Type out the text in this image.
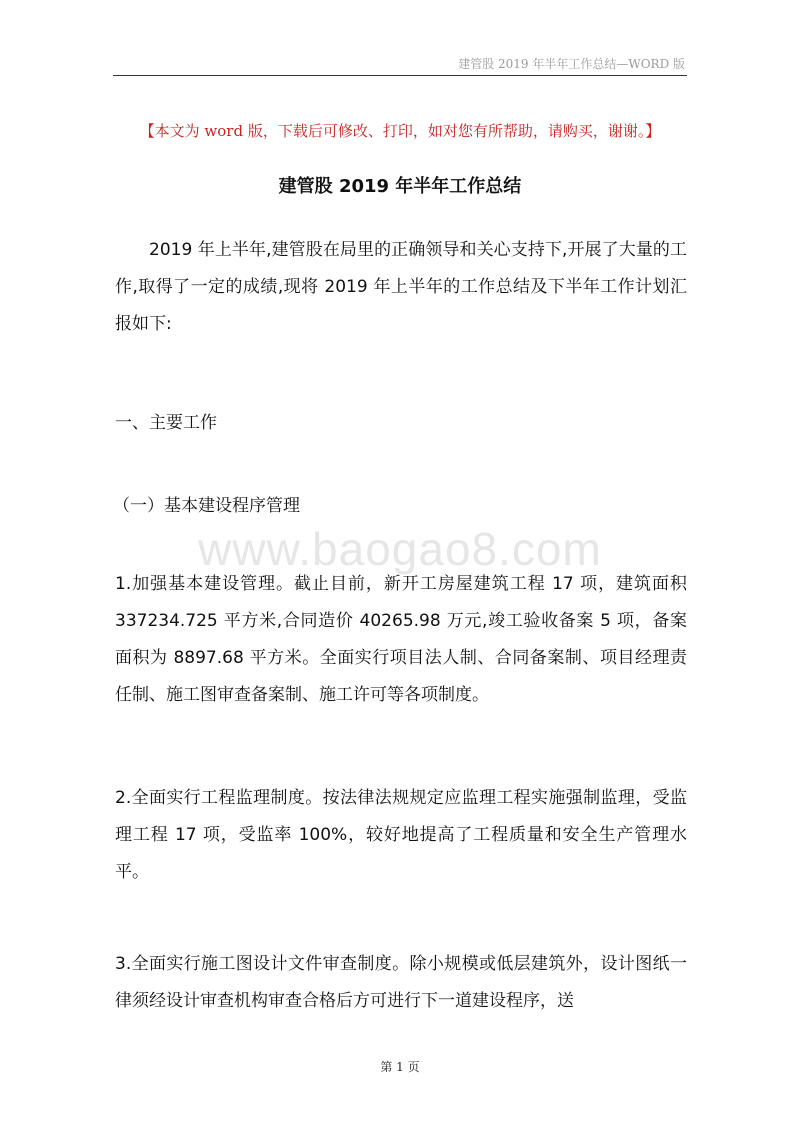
建管股 2019 年半年工作总结—WORD 版
【本文为 word 版，下载后可修改、打印，如对您有所帮助，请购买，谢谢。】
建管股 2019 年半年工作总结
2019 年上半年,建管股在局里的正确领导和关心支持下,开展了大量的工作,取得了一定的成绩,现将 2019 年上半年的工作总结及下半年工作计划汇报如下:
一、主要工作
（一）基本建设程序管理
www.baogao8.com
1.加强基本建设管理。截止目前，新开工房屋建筑工程 17 项，建筑面积 337234.725 平方米,合同造价 40265.98 万元,竣工验收备案 5 项，备案面积为 8897.68 平方米。全面实行项目法人制、合同备案制、项目经理责任制、施工图审查备案制、施工许可等各项制度。
2.全面实行工程监理制度。按法律法规规定应监理工程实施强制监理，受监理工程 17 项，受监率 100%，较好地提高了工程质量和安全生产管理水平。
3.全面实行施工图设计文件审查制度。除小规模或低层建筑外，设计图纸一律须经设计审查机构审查合格后方可进行下一道建设程序，送
第 1 页
